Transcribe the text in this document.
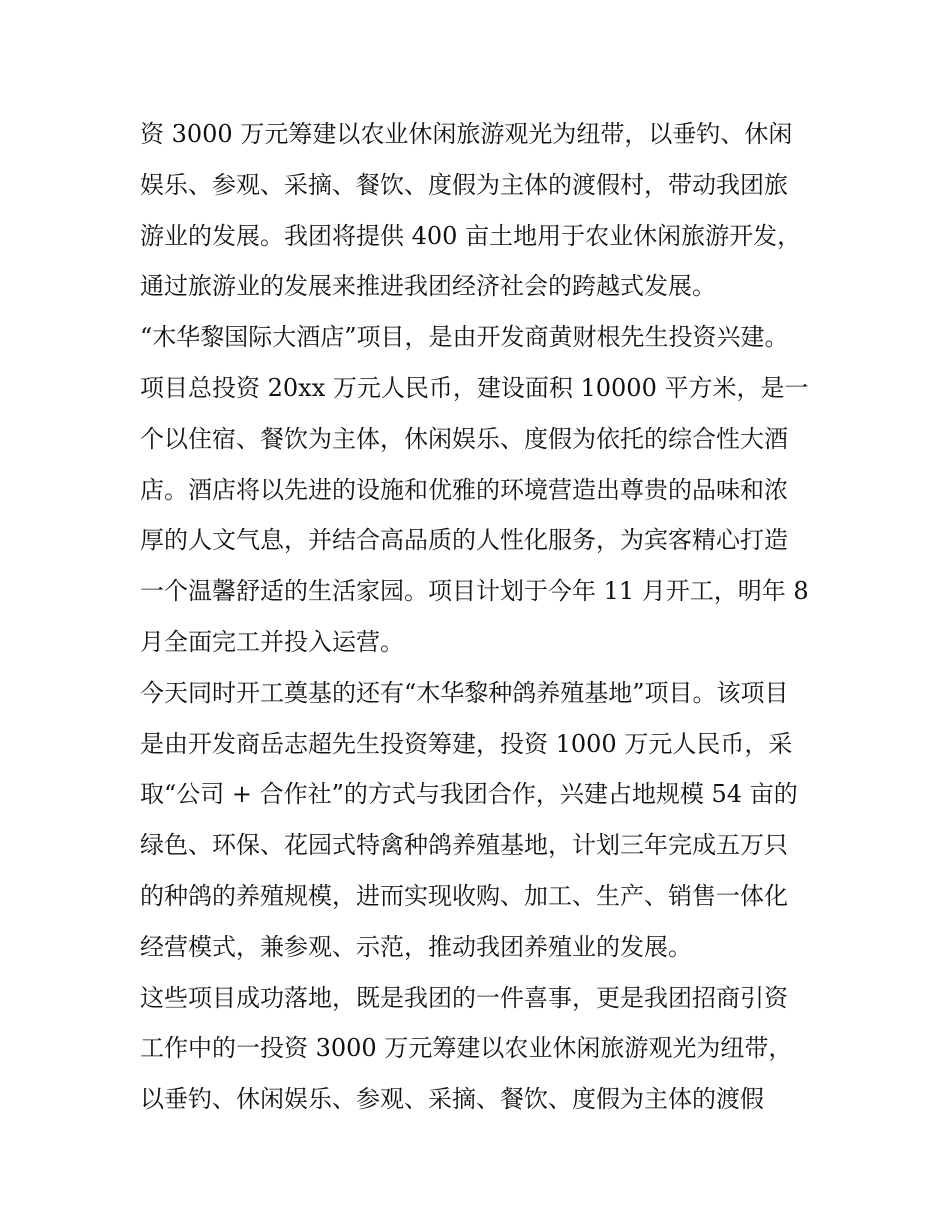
资 3000 万元筹建以农业休闲旅游观光为纽带，以垂钓、休闲
娱乐、参观、采摘、餐饮、度假为主体的渡假村，带动我团旅
游业的发展。我团将提供 400 亩土地用于农业休闲旅游开发，
通过旅游业的发展来推进我团经济社会的跨越式发展。
“木华黎国际大酒店”项目，是由开发商黄财根先生投资兴建。
项目总投资 20xx 万元人民币，建设面积 10000 平方米，是一
个以住宿、餐饮为主体，休闲娱乐、度假为依托的综合性大酒
店。酒店将以先进的设施和优雅的环境营造出尊贵的品味和浓
厚的人文气息，并结合高品质的人性化服务，为宾客精心打造
一个温馨舒适的生活家园。项目计划于今年 11 月开工，明年 8
月全面完工并投入运营。
今天同时开工奠基的还有“木华黎种鸽养殖基地”项目。该项目
是由开发商岳志超先生投资筹建，投资 1000 万元人民币，采
取“公司 + 合作社”的方式与我团合作，兴建占地规模 54 亩的
绿色、环保、花园式特禽种鸽养殖基地，计划三年完成五万只
的种鸽的养殖规模，进而实现收购、加工、生产、销售一体化
经营模式，兼参观、示范，推动我团养殖业的发展。
这些项目成功落地，既是我团的一件喜事，更是我团招商引资
工作中的一投资 3000 万元筹建以农业休闲旅游观光为纽带，
以垂钓、休闲娱乐、参观、采摘、餐饮、度假为主体的渡假
